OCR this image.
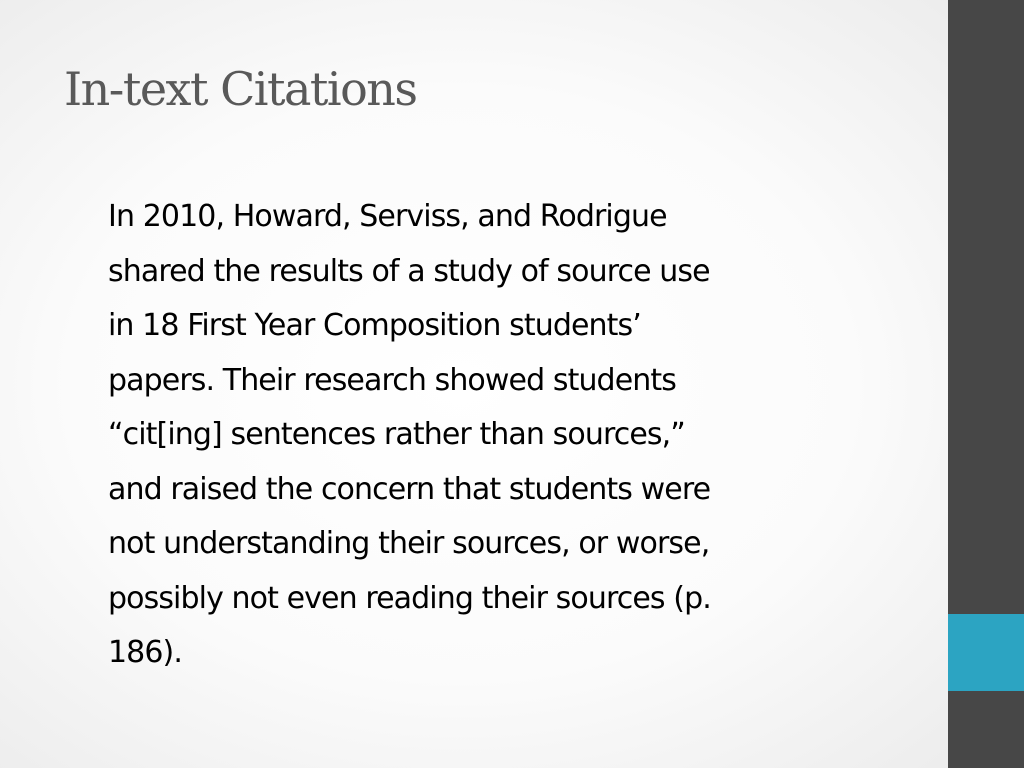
In-text Citations

In 2010, Howard, Serviss, and Rodrigue
shared the results of a study of source use
in 18 First Year Composition students’
papers. Their research showed students
“cit[ing] sentences rather than sources,”
and raised the concern that students were
not understanding their sources, or worse,
possibly not even reading their sources (p.
186).
